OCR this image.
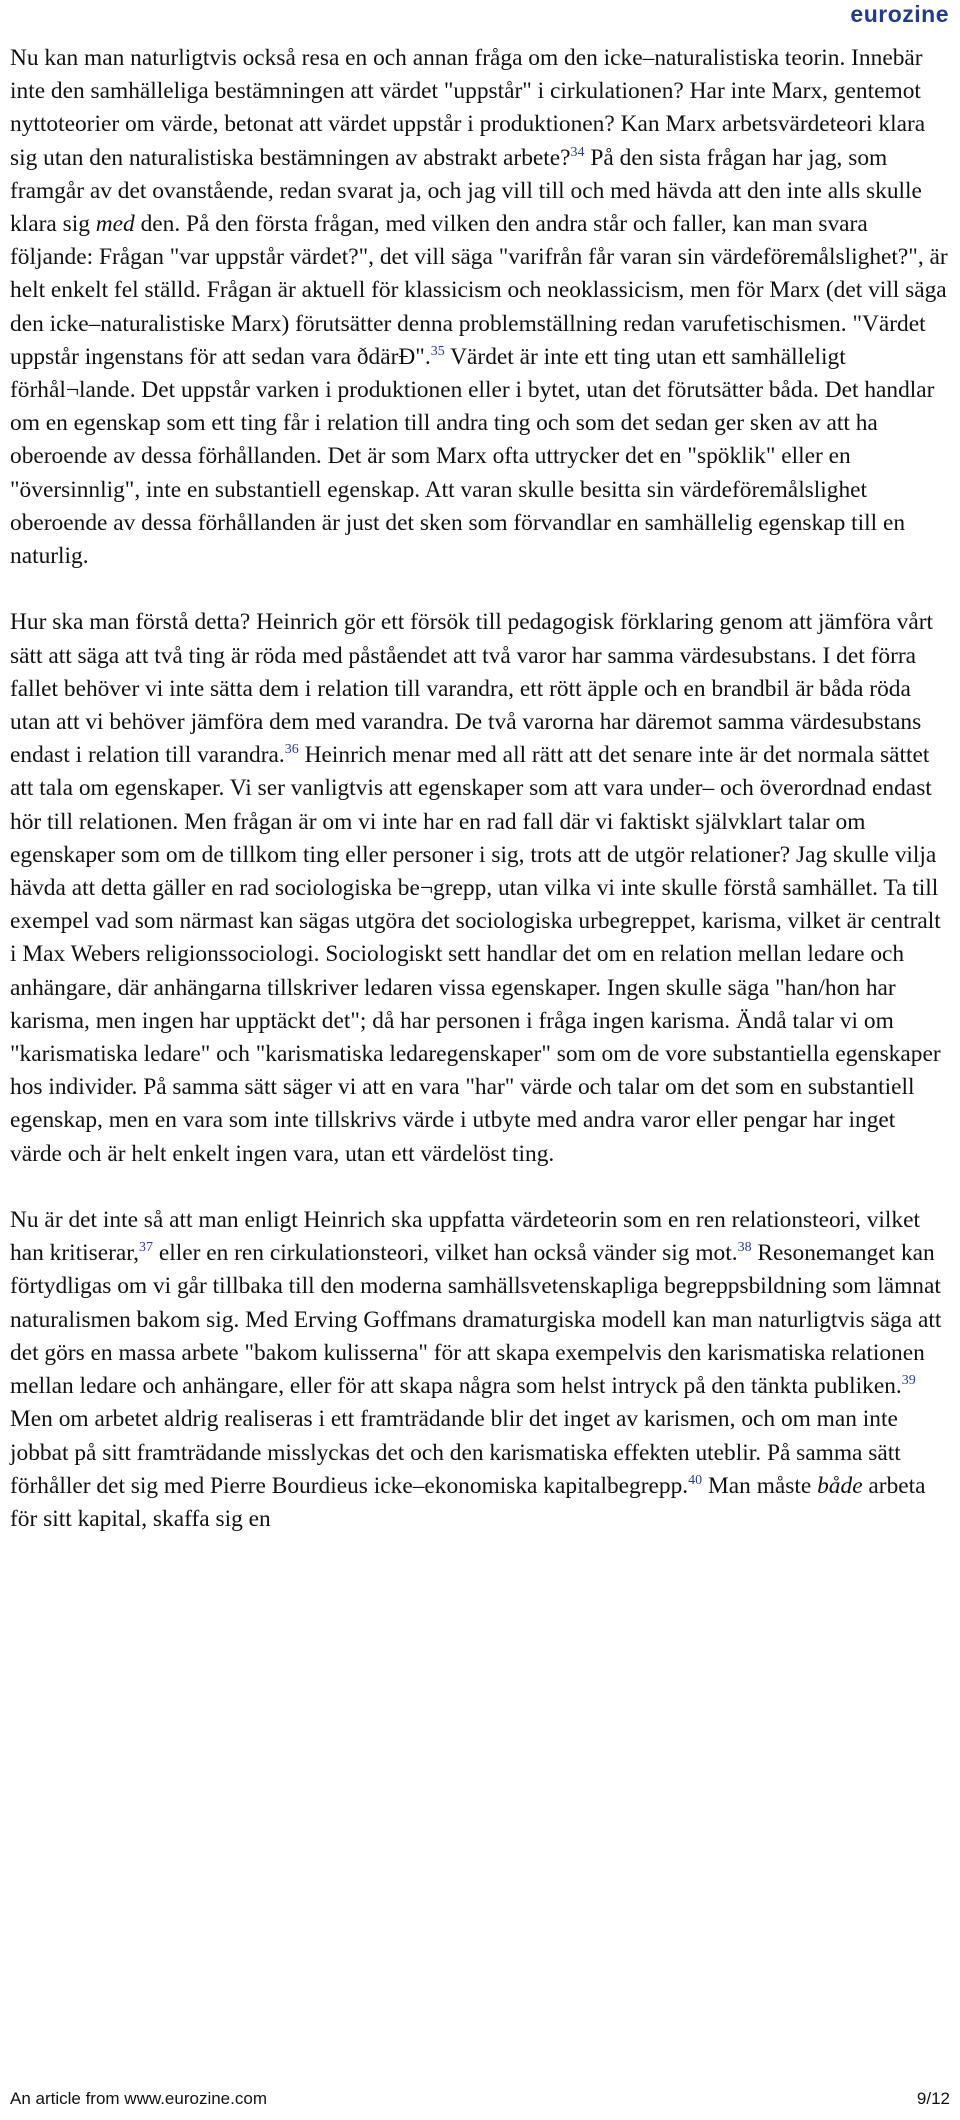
eurozine

Nu kan man naturligtvis också resa en och annan fråga om den icke–naturalistiska teorin. Innebär inte den samhälleliga bestämningen att värdet "uppstår" i cirkulationen? Har inte Marx, gentemot nyttoteorier om värde, betonat att värdet uppstår i produktionen? Kan Marx arbetsvärdeteori klara sig utan den naturalistiska bestämningen av abstrakt arbete?$^{34}$ På den sista frågan har jag, som framgår av det ovanstående, redan svarat ja, och jag vill till och med hävda att den inte alls skulle klara sig med den. På den första frågan, med vilken den andra står och faller, kan man svara följande: Frågan "var uppstår värdet?", det vill säga "varifrån får varan sin värdeföremålslighet?", är helt enkelt fel ställd. Frågan är aktuell för klassicism och neoklassicism, men för Marx (det vill säga den icke–naturalistiske Marx) förutsätter denna problemställning redan varufetischismen. "Värdet uppstår ingenstans för att sedan vara ðdärÐ".$^{35}$ Värdet är inte ett ting utan ett samhälleligt förhål¬lande. Det uppstår varken i produktionen eller i bytet, utan det förutsätter båda. Det handlar om en egenskap som ett ting får i relation till andra ting och som det sedan ger sken av att ha oberoende av dessa förhållanden. Det är som Marx ofta uttrycker det en "spöklik" eller en "översinnlig", inte en substantiell egenskap. Att varan skulle besitta sin värdeföremålslighet oberoende av dessa förhållanden är just det sken som förvandlar en samhällelig egenskap till en naturlig.

Hur ska man förstå detta? Heinrich gör ett försök till pedagogisk förklaring genom att jämföra vårt sätt att säga att två ting är röda med påståendet att två varor har samma värdesubstans. I det förra fallet behöver vi inte sätta dem i relation till varandra, ett rött äpple och en brandbil är båda röda utan att vi behöver jämföra dem med varandra. De två varorna har däremot samma värdesubstans endast i relation till varandra.$^{36}$ Heinrich menar med all rätt att det senare inte är det normala sättet att tala om egenskaper. Vi ser vanligtvis att egenskaper som att vara under– och överordnad endast hör till relationen. Men frågan är om vi inte har en rad fall där vi faktiskt självklart talar om egenskaper som om de tillkom ting eller personer i sig, trots att de utgör relationer? Jag skulle vilja hävda att detta gäller en rad sociologiska be¬grepp, utan vilka vi inte skulle förstå samhället. Ta till exempel vad som närmast kan sägas utgöra det sociologiska urbegreppet, karisma, vilket är centralt i Max Webers religionssociologi. Sociologiskt sett handlar det om en relation mellan ledare och anhängare, där anhängarna tillskriver ledaren vissa egenskaper. Ingen skulle säga "han/hon har karisma, men ingen har upptäckt det"; då har personen i fråga ingen karisma. Ändå talar vi om "karismatiska ledare" och "karismatiska ledaregenskaper" som om de vore substantiella egenskaper hos individer. På samma sätt säger vi att en vara "har" värde och talar om det som en substantiell egenskap, men en vara som inte tillskrivs värde i utbyte med andra varor eller pengar har inget värde och är helt enkelt ingen vara, utan ett värdelöst ting.

Nu är det inte så att man enligt Heinrich ska uppfatta värdeteorin som en ren relationsteori, vilket han kritiserar,$^{37}$ eller en ren cirkulationsteori, vilket han också vänder sig mot.$^{38}$ Resonemanget kan förtydligas om vi går tillbaka till den moderna samhällsvetenskapliga begreppsbildning som lämnat naturalismen bakom sig. Med Erving Goffmans dramaturgiska modell kan man naturligtvis säga att det görs en massa arbete "bakom kulisserna" för att skapa exempelvis den karismatiska relationen mellan ledare och anhängare, eller för att skapa några som helst intryck på den tänkta publiken.$^{39}$ Men om arbetet aldrig realiseras i ett framträdande blir det inget av karismen, och om man inte jobbat på sitt framträdande misslyckas det och den karismatiska effekten uteblir. På samma sätt förhåller det sig med Pierre Bourdieus icke–ekonomiska kapitalbegrepp.$^{40}$ Man måste både arbeta för sitt kapital, skaffa sig en

An article from www.eurozine.com	9/12
